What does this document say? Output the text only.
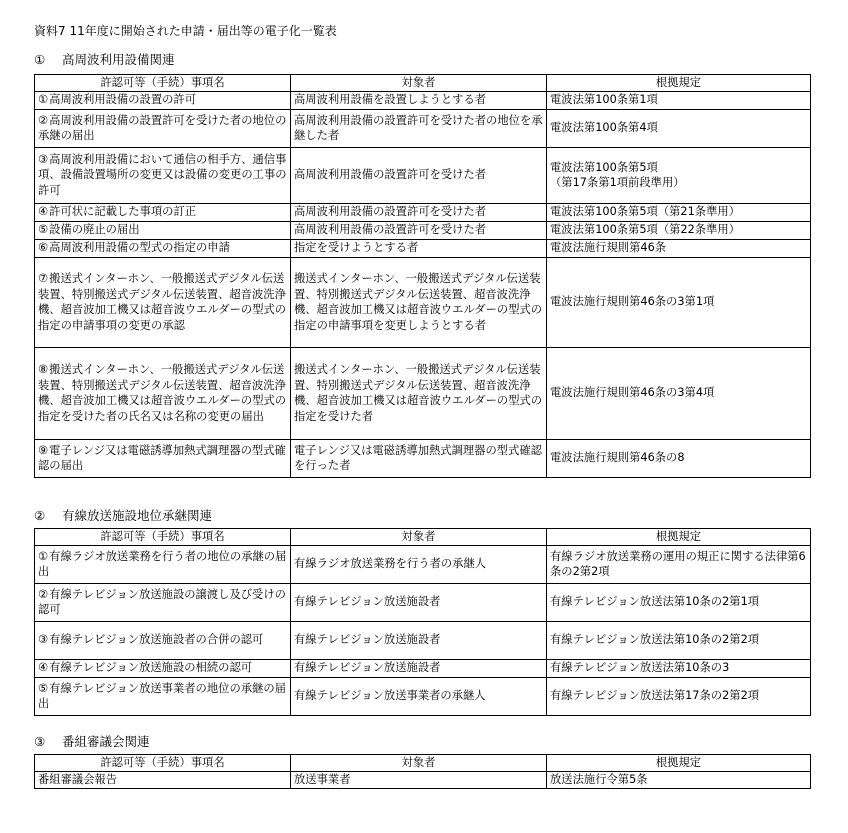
資料7 11年度に開始された申請・届出等の電子化一覧表
① 高周波利用設備関連
許認可等（手続）事項名	対象者	根拠規定
①高周波利用設備の設置の許可	高周波利用設備を設置しようとする者	電波法第100条第1項
②高周波利用設備の設置許可を受けた者の地位の承継の届出	高周波利用設備の設置許可を受けた者の地位を承継した者	電波法第100条第4項
③高周波利用設備において通信の相手方、通信事項、設備設置場所の変更又は設備の変更の工事の許可	高周波利用設備の設置許可を受けた者	電波法第100条第5項
（第17条第1項前段準用）

④許可状に記載した事項の訂正	高周波利用設備の設置許可を受けた者	電波法第100条第5項（第21条準用）
⑤設備の廃止の届出	高周波利用設備の設置許可を受けた者	電波法第100条第5項（第22条準用）
⑥高周波利用設備の型式の指定の申請	指定を受けようとする者	電波法施行規則第46条
⑦搬送式インターホン、一般搬送式デジタル伝送装置、特別搬送式デジタル伝送装置、超音波洗浄機、超音波加工機又は超音波ウエルダーの型式の指定の申請事項の変更の承認	搬送式インターホン、一般搬送式デジタル伝送装置、特別搬送式デジタル伝送装置、超音波洗浄機、超音波加工機又は超音波ウエルダーの型式の指定の申請事項を変更しようとする者	電波法施行規則第46条の3第1項
⑧搬送式インターホン、一般搬送式デジタル伝送装置、特別搬送式デジタル伝送装置、超音波洗浄機、超音波加工機又は超音波ウエルダーの型式の指定を受けた者の氏名又は名称の変更の届出	搬送式インターホン、一般搬送式デジタル伝送装置、特別搬送式デジタル伝送装置、超音波洗浄機、超音波加工機又は超音波ウエルダーの型式の指定を受けた者	電波法施行規則第46条の3第4項
⑨電子レンジ又は電磁誘導加熱式調理器の型式確認の届出	電子レンジ又は電磁誘導加熱式調理器の型式確認を行った者	電波法施行規則第46条の8
② 有線放送施設地位承継関連
許認可等（手続）事項名	対象者	根拠規定
①有線ラジオ放送業務を行う者の地位の承継の届出	有線ラジオ放送業務を行う者の承継人	有線ラジオ放送業務の運用の規正に関する法律第6条の2第2項
②有線テレビジョン放送施設の譲渡し及び受けの認可	有線テレビジョン放送施設者	有線テレビジョン放送法第10条の2第1項
③有線テレビジョン放送施設者の合併の認可	有線テレビジョン放送施設者	有線テレビジョン放送法第10条の2第2項
④有線テレビジョン放送施設の相続の認可	有線テレビジョン放送施設者	有線テレビジョン放送法第10条の3
⑤有線テレビジョン放送事業者の地位の承継の届出	有線テレビジョン放送事業者の承継人	有線テレビジョン放送法第17条の2第2項
③ 番組審議会関連
許認可等（手続）事項名	対象者	根拠規定
番組審議会報告	放送事業者	放送法施行令第5条
